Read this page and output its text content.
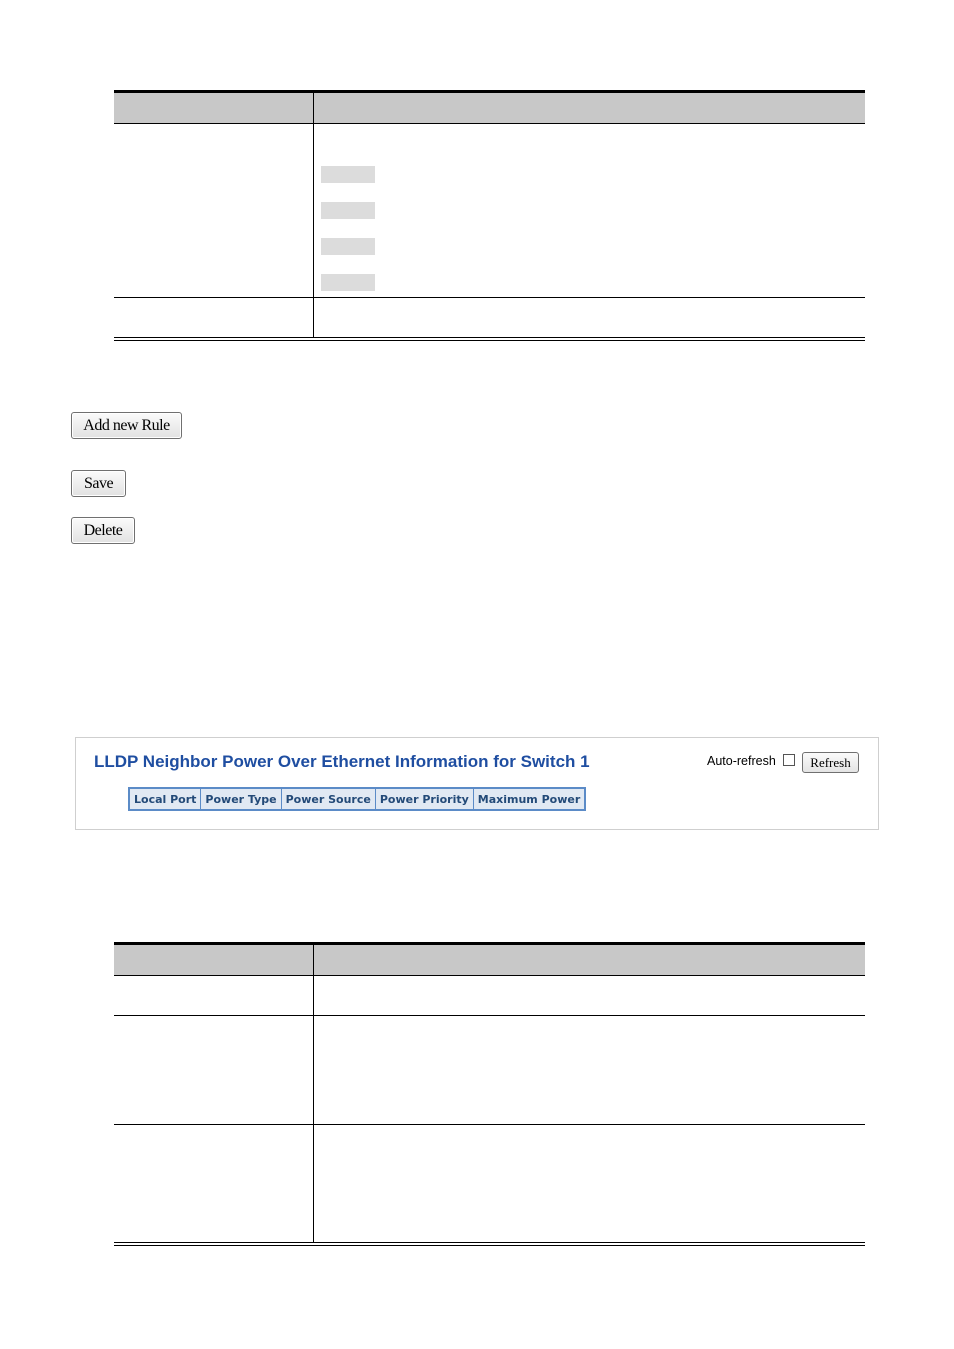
Add new Rule
Save
Delete
LLDP Neighbor Power Over Ethernet Information for Switch 1	Auto-refresh	Refresh
Local Port Power Type Power Source Power Priority Maximum Power
